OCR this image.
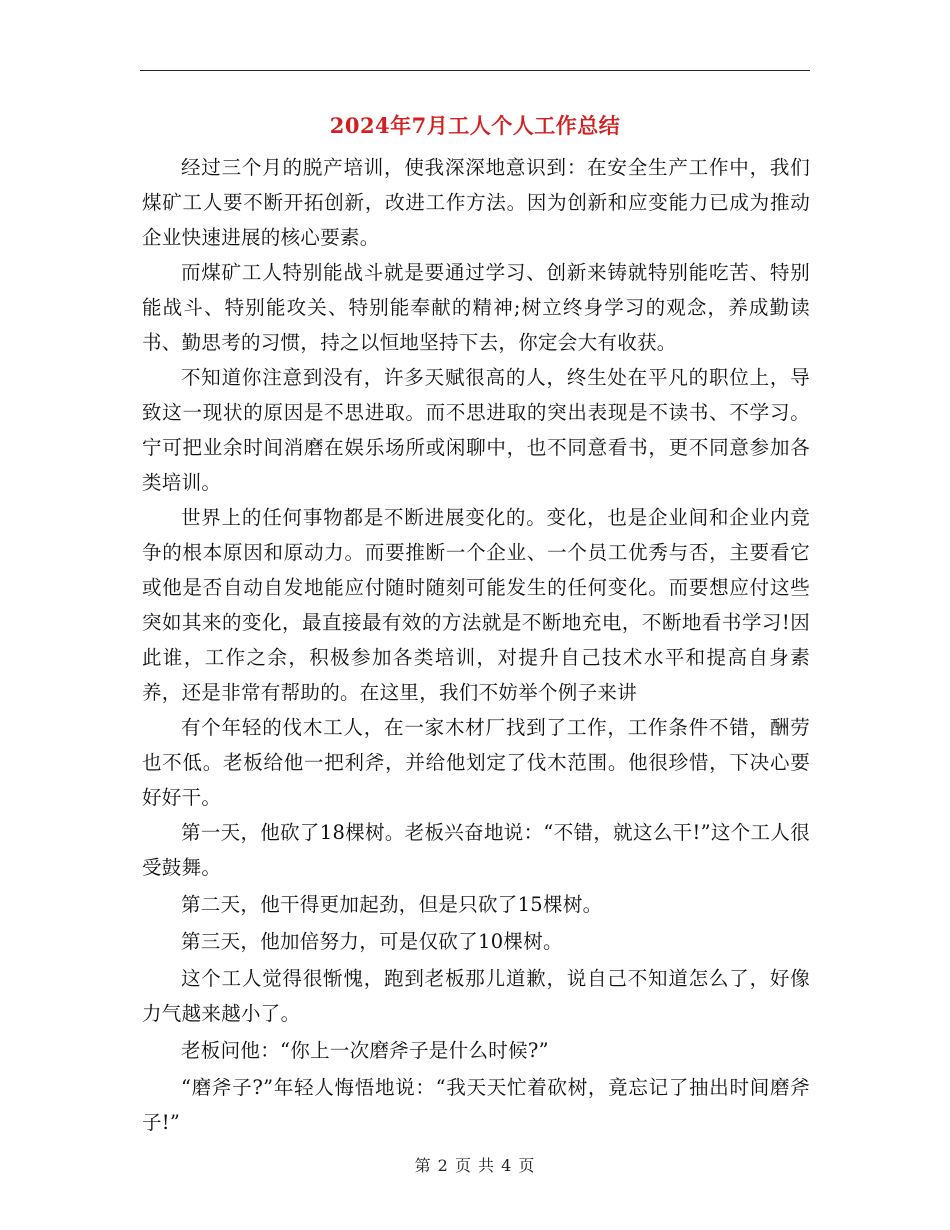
2024年7月工人个人工作总结

经过三个月的脱产培训，使我深深地意识到：在安全生产工作中，我们煤矿工人要不断开拓创新，改进工作方法。因为创新和应变能力已成为推动企业快速进展的核心要素。

而煤矿工人特别能战斗就是要通过学习、创新来铸就特别能吃苦、特别能战斗、特别能攻关、特别能奉献的精神;树立终身学习的观念，养成勤读书、勤思考的习惯，持之以恒地坚持下去，你定会大有收获。

不知道你注意到没有，许多天赋很高的人，终生处在平凡的职位上，导致这一现状的原因是不思进取。而不思进取的突出表现是不读书、不学习。宁可把业余时间消磨在娱乐场所或闲聊中，也不同意看书，更不同意参加各类培训。

世界上的任何事物都是不断进展变化的。变化，也是企业间和企业内竞争的根本原因和原动力。而要推断一个企业、一个员工优秀与否，主要看它或他是否自动自发地能应付随时随刻可能发生的任何变化。而要想应付这些突如其来的变化，最直接最有效的方法就是不断地充电，不断地看书学习!因此谁，工作之余，积极参加各类培训，对提升自己技术水平和提高自身素养，还是非常有帮助的。在这里，我们不妨举个例子来讲

有个年轻的伐木工人，在一家木材厂找到了工作，工作条件不错，酬劳也不低。老板给他一把利斧，并给他划定了伐木范围。他很珍惜，下决心要好好干。

第一天，他砍了18棵树。老板兴奋地说：“不错，就这么干!”这个工人很受鼓舞。

第二天，他干得更加起劲，但是只砍了15棵树。

第三天，他加倍努力，可是仅砍了10棵树。

这个工人觉得很惭愧，跑到老板那儿道歉，说自己不知道怎么了，好像力气越来越小了。

老板问他：“你上一次磨斧子是什么时候?”

“磨斧子?”年轻人悔悟地说：“我天天忙着砍树，竟忘记了抽出时间磨斧子!”

第 2 页 共 4 页
